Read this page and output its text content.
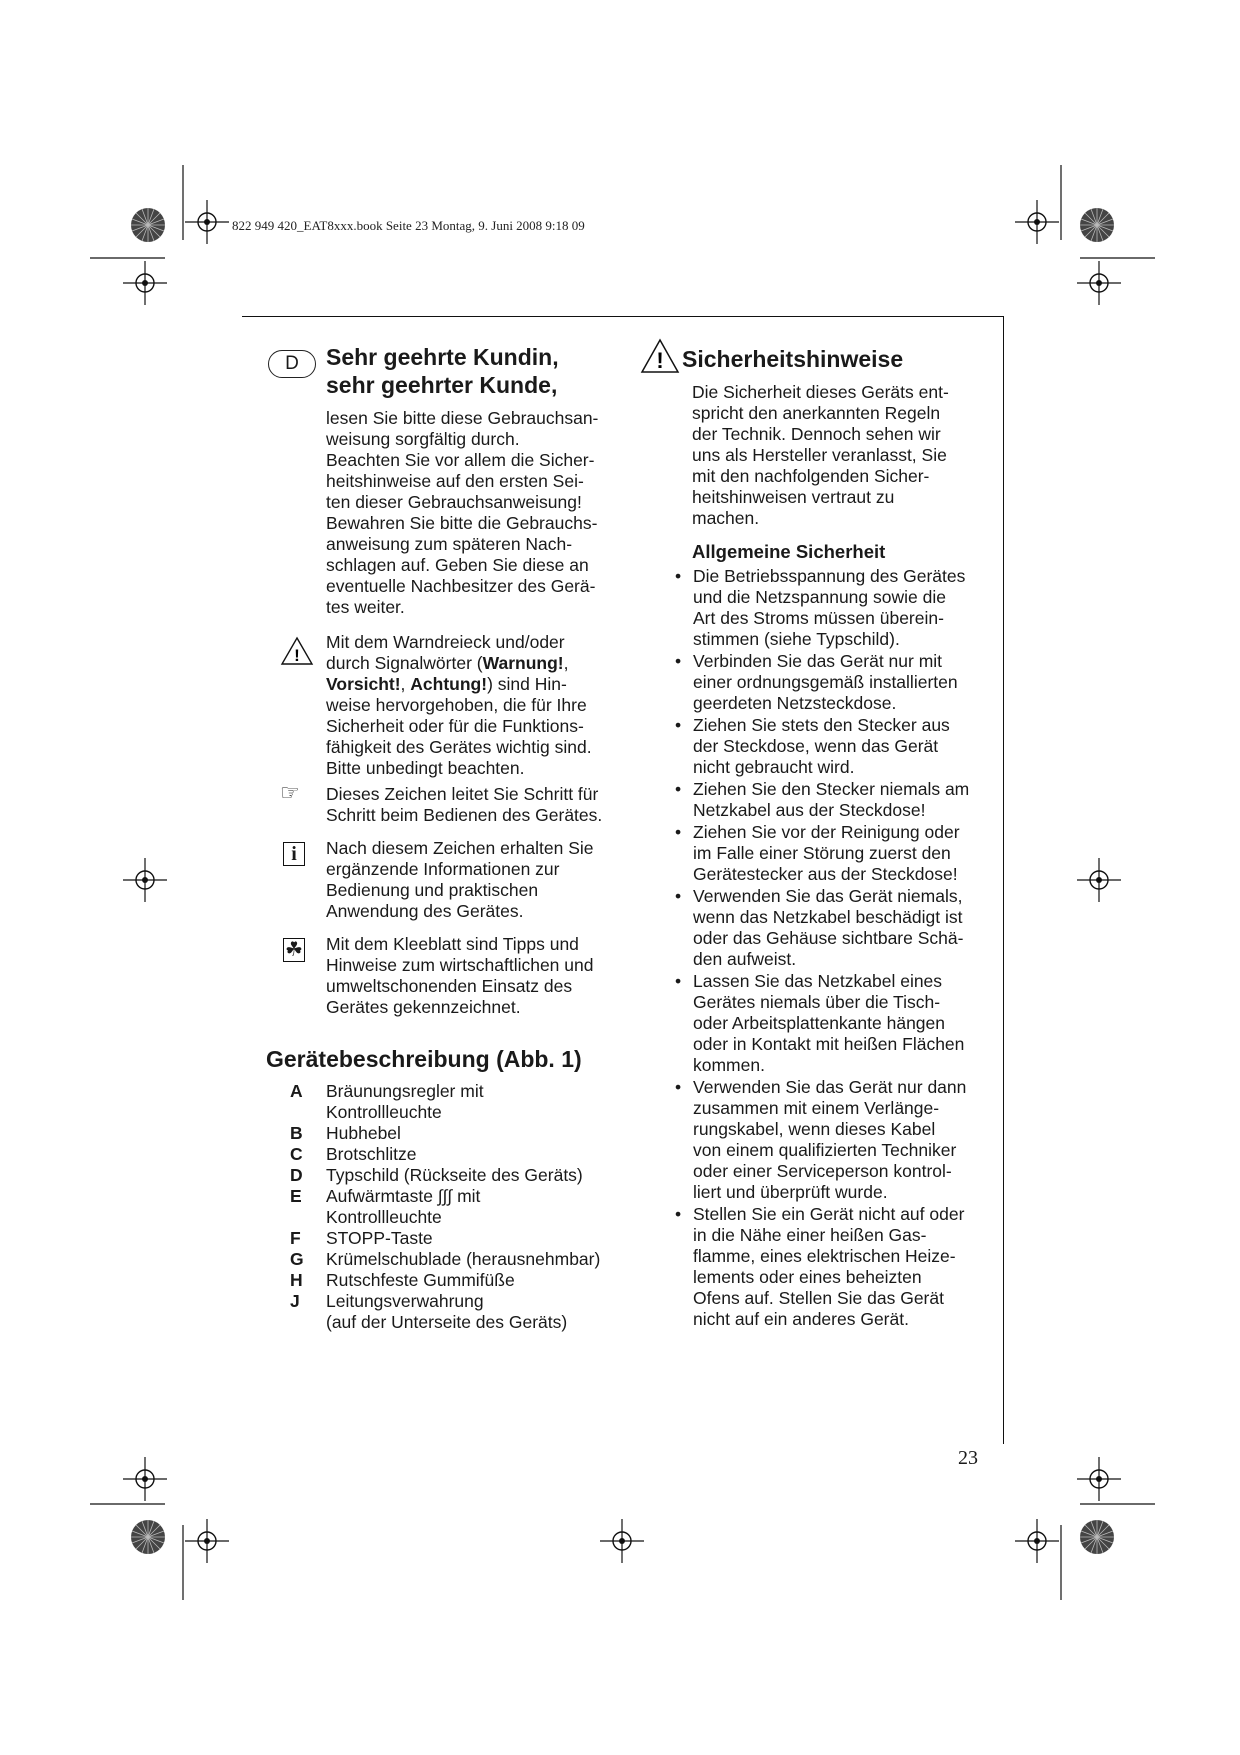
822 949 420_EAT8xxx.book Seite 23 Montag, 9. Juni 2008 9:18 09
D	Sehr geehrte Kundin,

sehr geehrter Kunde,

lesen Sie bitte diese Gebrauchsan-
weisung sorgfältig durch.

Beachten Sie vor allem die Sicher-
heitshinweise auf den ersten Sei-
ten dieser Gebrauchsanweisung!
Bewahren Sie bitte die Gebrauchs-
anweisung zum späteren Nach-
schlagen auf. Geben Sie diese an
eventuelle Nachbesitzer des Gerä-
tes weiter.

!

Mit dem Warndreieck und/oder
durch Signalwörter (Warnung!,
Vorsicht!, Achtung!) sind Hin-
weise hervorgehoben, die für Ihre
Sicherheit oder für die Funktions-
fähigkeit des Gerätes wichtig sind.
Bitte unbedingt beachten.

☞ Dieses Zeichen leitet Sie Schritt für
Schritt beim Bedienen des Gerätes.

i	Nach diesem Zeichen erhalten Sie
ergänzende Informationen zur
Bedienung und praktischen
Anwendung des Gerätes.

☘ Mit dem Kleeblatt sind Tipps und
Hinweise zum wirtschaftlichen und
umweltschonenden Einsatz des
Gerätes gekennzeichnet.

Gerätebeschreibung (Abb. 1)

A Bräunungsregler mit
Kontrollleuchte
B Hubhebel
C Brotschlitze
D Typschild (Rückseite des Geräts)
E Aufwärmtaste ∫∫∫ mit
Kontrollleuchte
F STOPP-Taste
G Krümelschublade (herausnehmbar)
H Rutschfeste Gummifüße
J Leitungsverwahrung
(auf der Unterseite des Geräts)
! Sicherheitshinweise

Die Sicherheit dieses Geräts ent-
spricht den anerkannten Regeln
der Technik. Dennoch sehen wir
uns als Hersteller veranlasst, Sie
mit den nachfolgenden Sicher-
heitshinweisen vertraut zu
machen.

Allgemeine Sicherheit

• Die Betriebsspannung des Gerätes
und die Netzspannung sowie die
Art des Stroms müssen überein-
stimmen (siehe Typschild).
• Verbinden Sie das Gerät nur mit
einer ordnungsgemäß installierten
geerdeten Netzsteckdose.
• Ziehen Sie stets den Stecker aus
der Steckdose, wenn das Gerät
nicht gebraucht wird.
• Ziehen Sie den Stecker niemals am
Netzkabel aus der Steckdose!
• Ziehen Sie vor der Reinigung oder
im Falle einer Störung zuerst den
Gerätestecker aus der Steckdose!
• Verwenden Sie das Gerät niemals,
wenn das Netzkabel beschädigt ist
oder das Gehäuse sichtbare Schä-
den aufweist.
• Lassen Sie das Netzkabel eines
Gerätes niemals über die Tisch-
oder Arbeitsplattenkante hängen
oder in Kontakt mit heißen Flächen
kommen.
• Verwenden Sie das Gerät nur dann
zusammen mit einem Verlänge-
rungskabel, wenn dieses Kabel
von einem qualifizierten Techniker
oder einer Serviceperson kontrol-
liert und überprüft wurde.
• Stellen Sie ein Gerät nicht auf oder
in die Nähe einer heißen Gas-
flamme, eines elektrischen Heize-
lements oder eines beheizten
Ofens auf. Stellen Sie das Gerät
nicht auf ein anderes Gerät.
23
